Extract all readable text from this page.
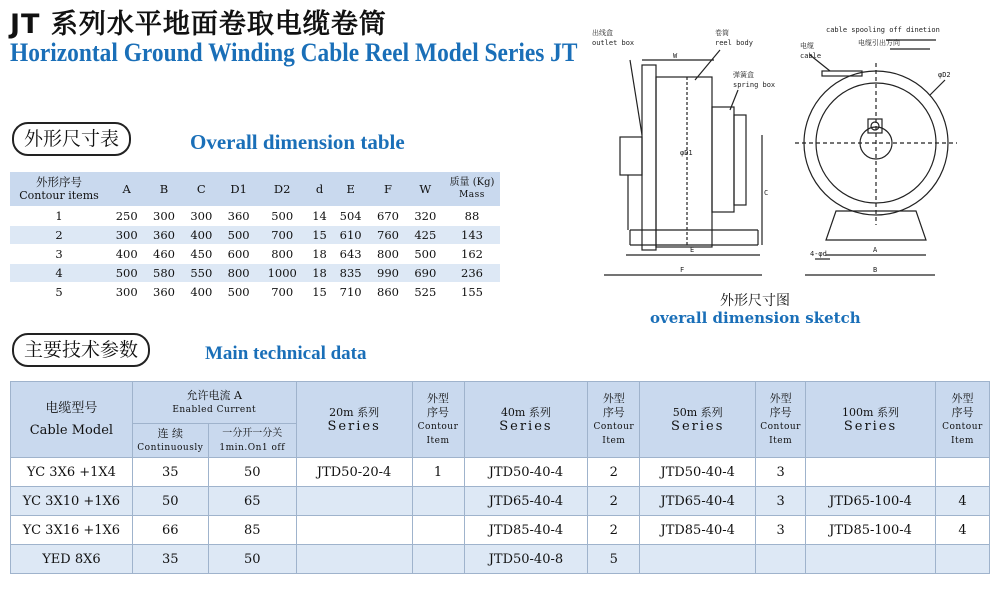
JT 系列水平地面卷取电缆卷筒
Horizontal Ground Winding Cable Reel Model Series JT
外形尺寸表	Overall dimension table
外形序号
Contour items	A	B	C	D1	D2	d	E	F	W	质量 (Kg)
Mass

1	250	300	300	360	500	14	504	670	320	88
2	300	360	400	500	700	15	610	760	425	143
3	400	460	450	600	800	18	643	800	500	162
4	500	580	550	800	1000	18	835	990	690	236
5	300	360	400	500	700	15	710	860	525	155
出线盒
outlet box
卷筒
reel body
弹簧盒
spring box
电缆
cable
cable spooling off dinetion
电缆引出方向
W
φD1
C
E
F
φD2
A
B
4-φd
外形尺寸图
overall dimension sketch
主要技术参数	Main technical data
电缆型号
Cable Model	允许电流 A
Enabled Current		20m 系列
Series	外型
序号
Contour
Item	40m 系列
Series	外型
序号
Contour
Item	50m 系列
Series	外型
序号
Contour
Item	100m 系列
Series	外型
序号
Contour
Item

	连 续
Continuously	一分开一分关
1min.On1 off								

YC 3X6 +1X4	35	50	JTD50-20-4	1	JTD50-40-4	2	JTD50-40-4	3		
YC 3X10 +1X6	50	65			JTD65-40-4	2	JTD65-40-4	3	JTD65-100-4	4
YC 3X16 +1X6	66	85			JTD85-40-4	2	JTD85-40-4	3	JTD85-100-4	4
YED 8X6	35	50			JTD50-40-8	5				
